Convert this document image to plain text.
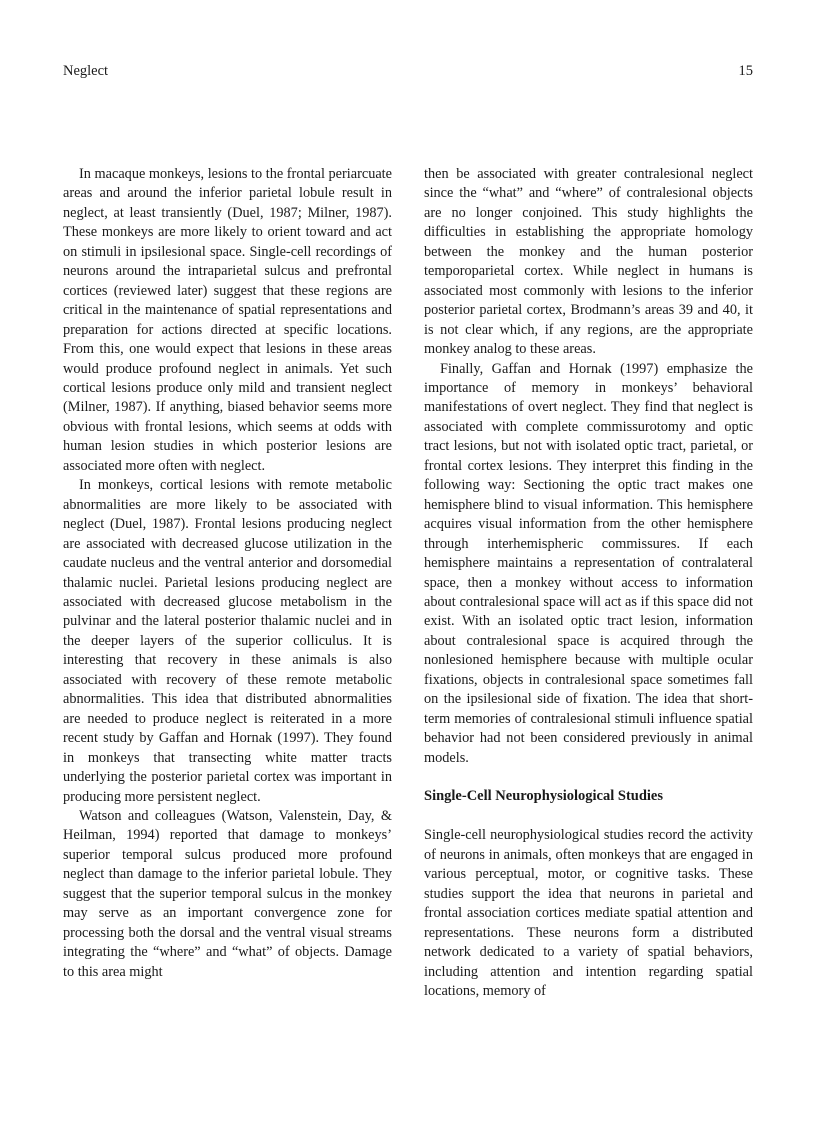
Neglect	15

In macaque monkeys, lesions to the frontal periarcuate areas and around the inferior parietal lobule result in neglect, at least transiently (Duel, 1987; Milner, 1987). These monkeys are more likely to orient toward and act on stimuli in ipsilesional space. Single-cell recordings of neurons around the intraparietal sulcus and prefrontal cortices (reviewed later) suggest that these regions are critical in the maintenance of spatial representations and preparation for actions directed at specific locations. From this, one would expect that lesions in these areas would produce profound neglect in animals. Yet such cortical lesions produce only mild and transient neglect (Milner, 1987). If anything, biased behavior seems more obvious with frontal lesions, which seems at odds with human lesion studies in which posterior lesions are associated more often with neglect.

In monkeys, cortical lesions with remote metabolic abnormalities are more likely to be associated with neglect (Duel, 1987). Frontal lesions producing neglect are associated with decreased glucose utilization in the caudate nucleus and the ventral anterior and dorsomedial thalamic nuclei. Parietal lesions producing neglect are associated with decreased glucose metabolism in the pulvinar and the lateral posterior thalamic nuclei and in the deeper layers of the superior colliculus. It is interesting that recovery in these animals is also associated with recovery of these remote metabolic abnormalities. This idea that distributed abnormalities are needed to produce neglect is reiterated in a more recent study by Gaffan and Hornak (1997). They found in monkeys that transecting white matter tracts underlying the posterior parietal cortex was important in producing more persistent neglect.

Watson and colleagues (Watson, Valenstein, Day, & Heilman, 1994) reported that damage to monkeys’ superior temporal sulcus produced more profound neglect than damage to the inferior parietal lobule. They suggest that the superior temporal sulcus in the monkey may serve as an important convergence zone for processing both the dorsal and the ventral visual streams integrating the “where” and “what” of objects. Damage to this area might

then be associated with greater contralesional neglect since the “what” and “where” of contralesional objects are no longer conjoined. This study highlights the difficulties in establishing the appropriate homology between the monkey and the human posterior temporoparietal cortex. While neglect in humans is associated most commonly with lesions to the inferior posterior parietal cortex, Brodmann’s areas 39 and 40, it is not clear which, if any regions, are the appropriate monkey analog to these areas.

Finally, Gaffan and Hornak (1997) emphasize the importance of memory in monkeys’ behavioral manifestations of overt neglect. They find that neglect is associated with complete commissurotomy and optic tract lesions, but not with isolated optic tract, parietal, or frontal cortex lesions. They interpret this finding in the following way: Sectioning the optic tract makes one hemisphere blind to visual information. This hemisphere acquires visual information from the other hemisphere through interhemispheric commissures. If each hemisphere maintains a representation of contralateral space, then a monkey without access to information about contralesional space will act as if this space did not exist. With an isolated optic tract lesion, information about contralesional space is acquired through the nonlesioned hemisphere because with multiple ocular fixations, objects in contralesional space sometimes fall on the ipsilesional side of fixation. The idea that short-term memories of contralesional stimuli influence spatial behavior had not been considered previously in animal models.

Single-Cell Neurophysiological Studies

Single-cell neurophysiological studies record the activity of neurons in animals, often monkeys that are engaged in various perceptual, motor, or cognitive tasks. These studies support the idea that neurons in parietal and frontal association cortices mediate spatial attention and representations. These neurons form a distributed network dedicated to a variety of spatial behaviors, including attention and intention regarding spatial locations, memory of
